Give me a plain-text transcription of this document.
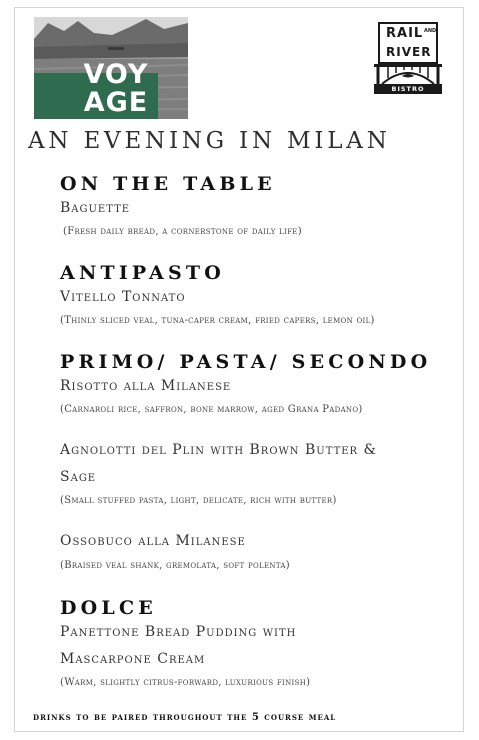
VOY
AGE
RAIL AND
RIVER
BISTRO
AN EVENING IN MILAN
ON THE TABLE
Baguette
(Fresh daily bread, a cornerstone of daily life)
ANTIPASTO
Vitello Tonnato
(Thinly sliced veal, tuna-caper cream, fried capers, lemon oil)
PRIMO/ PASTA/ SECONDO
Risotto alla Milanese
(Carnaroli rice, saffron, bone marrow, aged Grana Padano)
Agnolotti del Plin with Brown Butter &
Sage
(Small stuffed pasta, light, delicate, rich with butter)
Ossobuco alla Milanese
(Braised veal shank, gremolata, soft polenta)
DOLCE
Panettone Bread Pudding with
Mascarpone Cream
(Warm, slightly citrus-forward, luxurious finish)
drinks to be paired throughout the 5 course meal
